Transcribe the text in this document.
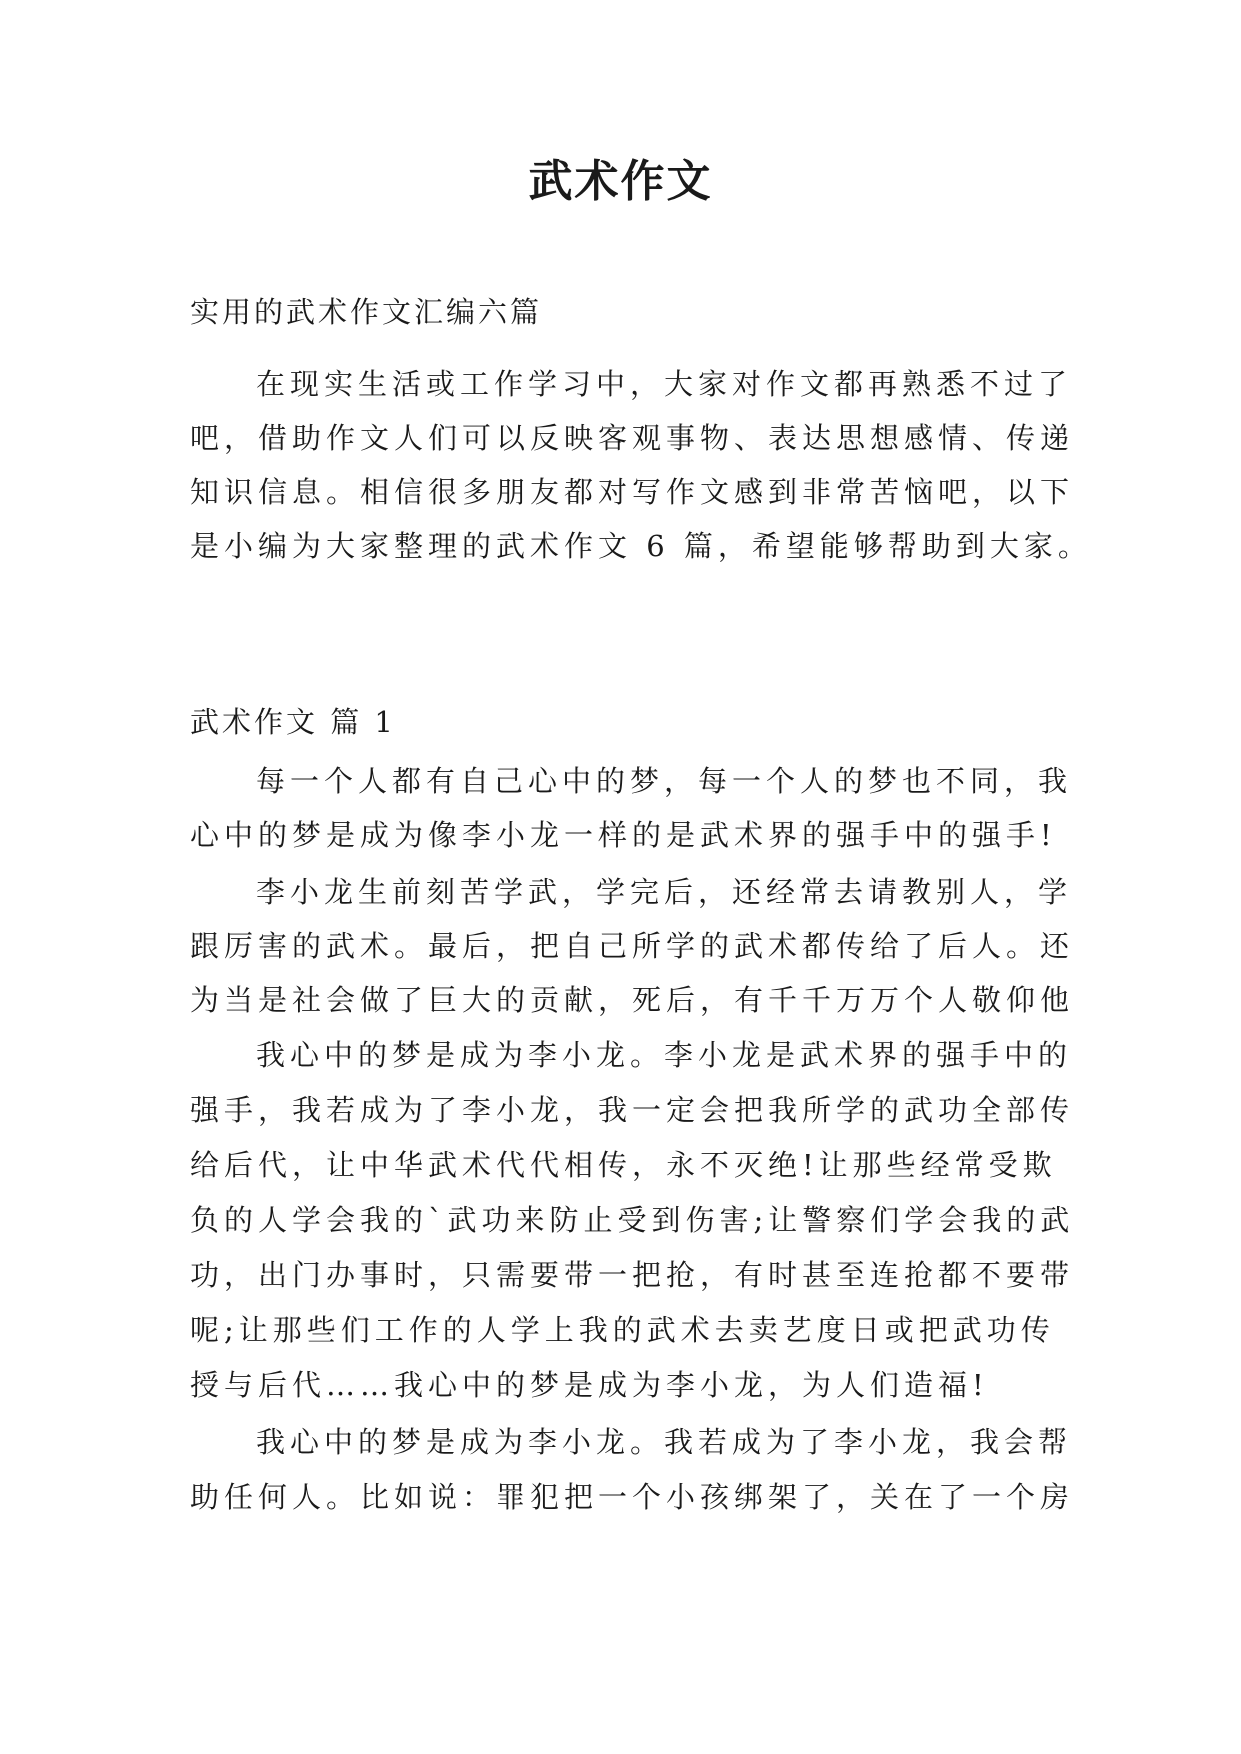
武术作文
实用的武术作文汇编六篇
在现实生活或工作学习中，大家对作文都再熟悉不过了
吧，借助作文人们可以反映客观事物、表达思想感情、传递
知识信息。相信很多朋友都对写作文感到非常苦恼吧，以下
是小编为大家整理的武术作文 6 篇，希望能够帮助到大家。
武术作文 篇 1
每一个人都有自己心中的梦，每一个人的梦也不同，我
心中的梦是成为像李小龙一样的是武术界的强手中的强手!
李小龙生前刻苦学武，学完后，还经常去请教别人，学
跟厉害的武术。最后，把自己所学的武术都传给了后人。还
为当是社会做了巨大的贡献，死后，有千千万万个人敬仰他
我心中的梦是成为李小龙。李小龙是武术界的强手中的
强手，我若成为了李小龙，我一定会把我所学的武功全部传
给后代，让中华武术代代相传，永不灭绝!让那些经常受欺
负的人学会我的`武功来防止受到伤害;让警察们学会我的武
功，出门办事时，只需要带一把抢，有时甚至连抢都不要带
呢;让那些们工作的人学上我的武术去卖艺度日或把武功传
授与后代……我心中的梦是成为李小龙，为人们造福!
我心中的梦是成为李小龙。我若成为了李小龙，我会帮
助任何人。比如说：罪犯把一个小孩绑架了，关在了一个房
